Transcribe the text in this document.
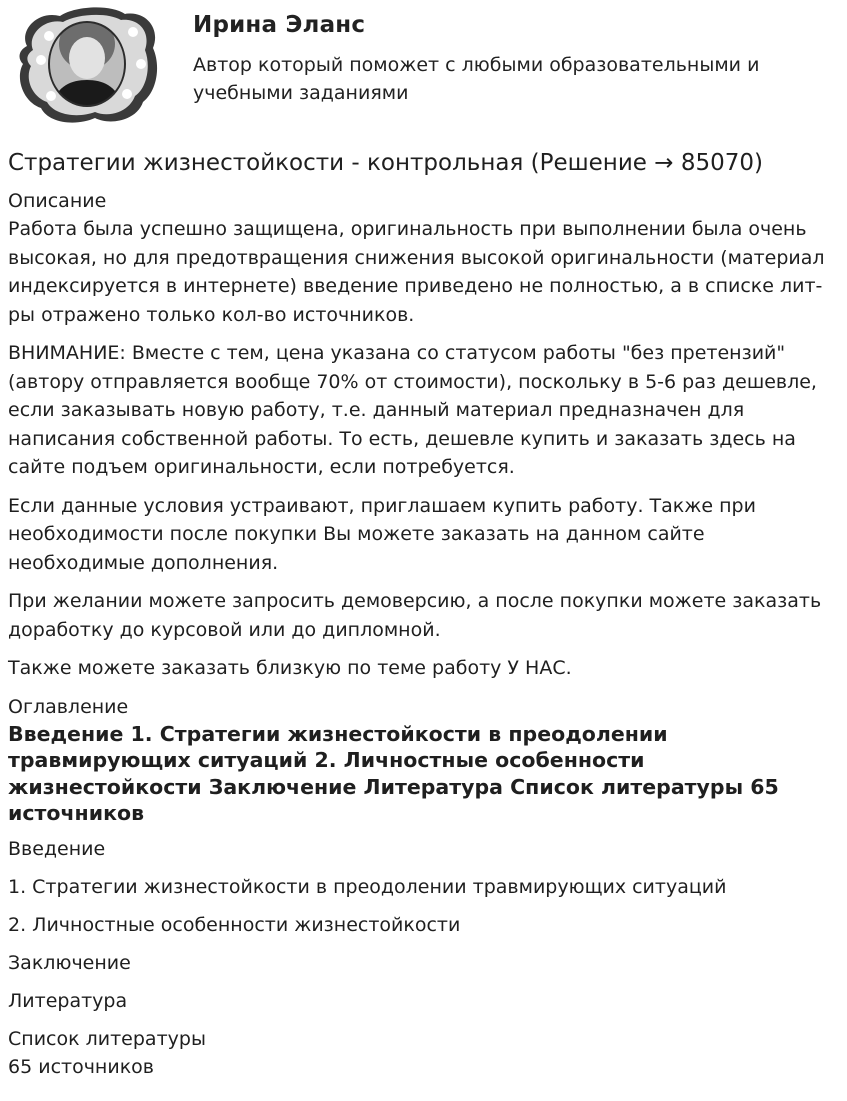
Ирина Эланс
Автор который поможет с любыми образовательными и учебными заданиями
Стратегии жизнестойкости - контрольная (Решение → 85070)

Описание

Работа была успешно защищена, оригинальность при выполнении была очень высокая, но для предотвращения снижения высокой оригинальности (материал индексируется в интернете) введение приведено не полностью, а в списке лит-ры отражено только кол-во источников.

ВНИМАНИЕ: Вместе с тем, цена указана со статусом работы "без претензий" (автору отправляется вообще 70% от стоимости), поскольку в 5-6 раз дешевле, если заказывать новую работу, т.е. данный материал предназначен для написания собственной работы. То есть, дешевле купить и заказать здесь на сайте подъем оригинальности, если потребуется.

Если данные условия устраивают, приглашаем купить работу. Также при необходимости после покупки Вы можете заказать на данном сайте необходимые дополнения.

При желании можете запросить демоверсию, а после покупки можете заказать доработку до курсовой или до дипломной.

Также можете заказать близкую по теме работу У НАС.

Оглавление

Введение 1. Стратегии жизнестойкости в преодолении травмирующих ситуаций 2. Личностные особенности жизнестойкости Заключение Литература Список литературы 65 источников

Введение

1. Стратегии жизнестойкости в преодолении травмирующих ситуаций

2. Личностные особенности жизнестойкости

Заключение

Литература

Список литературы

65 источников
